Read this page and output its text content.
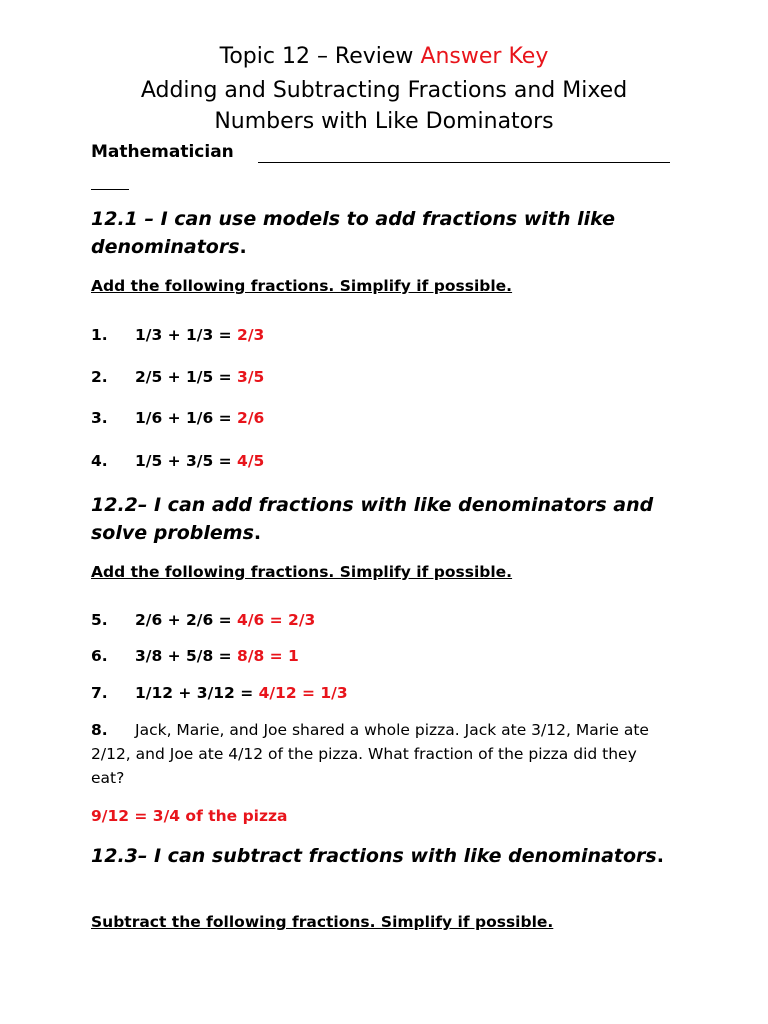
Topic 12 – Review Answer Key
Adding and Subtracting Fractions and Mixed
Numbers with Like Dominators
Mathematician
12.1 – I can use models to add fractions with like denominators.
Add the following fractions. Simplify if possible.
1. 1/3 + 1/3 = 2/3
2. 2/5 + 1/5 = 3/5
3. 1/6 + 1/6 = 2/6
4. 1/5 + 3/5 = 4/5
12.2– I can add fractions with like denominators and solve problems.
Add the following fractions. Simplify if possible.
5. 2/6 + 2/6 = 4/6 = 2/3
6. 3/8 + 5/8 = 8/8 = 1
7. 1/12 + 3/12 = 4/12 = 1/3
8. Jack, Marie, and Joe shared a whole pizza. Jack ate 3/12, Marie ate 2/12, and Joe ate 4/12 of the pizza. What fraction of the pizza did they eat?
9/12 = 3/4 of the pizza
12.3– I can subtract fractions with like denominators.
Subtract the following fractions. Simplify if possible.
